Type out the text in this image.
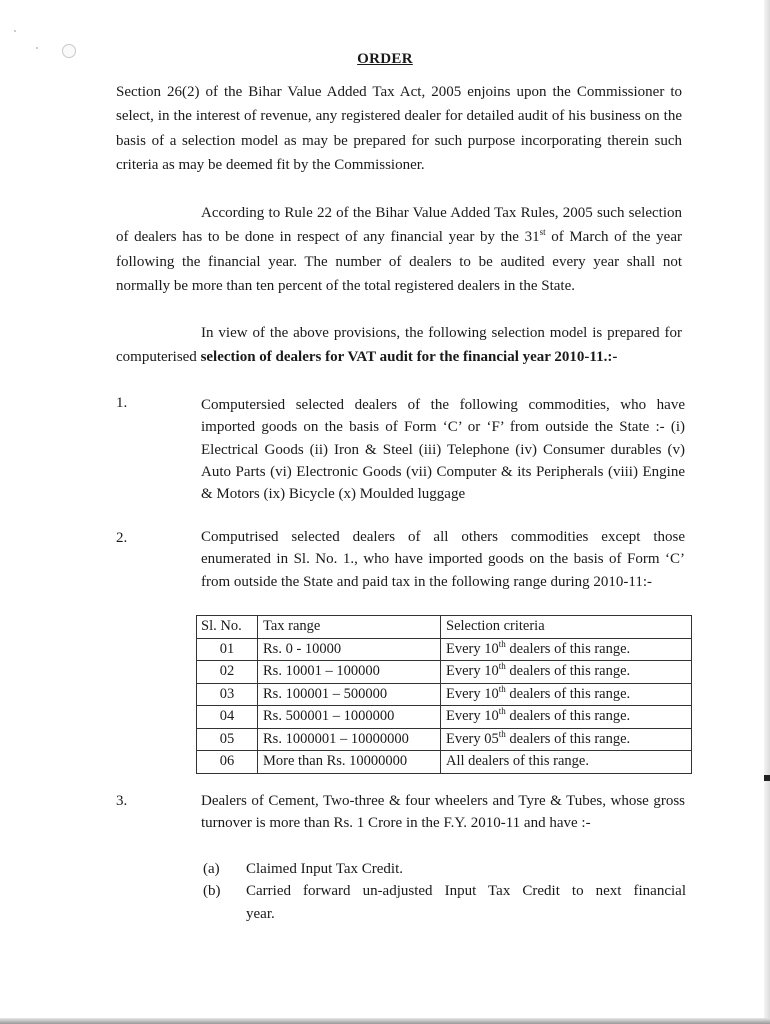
ORDER
Section 26(2) of the Bihar Value Added Tax Act, 2005 enjoins upon the Commissioner to select, in the interest of revenue, any registered dealer for detailed audit of his business on the basis of a selection model as may be prepared for such purpose incorporating therein such criteria as may be deemed fit by the Commissioner.
According to Rule 22 of the Bihar Value Added Tax Rules, 2005 such selection of dealers has to be done in respect of any financial year by the 31st of March of the year following the financial year. The number of dealers to be audited every year shall not normally be more than ten percent of the total registered dealers in the State.
In view of the above provisions, the following selection model is prepared for computerised selection of dealers for VAT audit for the financial year 2010-11.:-
1.	Computersied selected dealers of the following commodities, who have imported goods on the basis of Form ‘C’ or ‘F’ from outside the State :- (i) Electrical Goods (ii) Iron & Steel (iii) Telephone (iv) Consumer durables (v) Auto Parts (vi) Electronic Goods (vii) Computer & its Peripherals (viii) Engine & Motors (ix) Bicycle (x) Moulded luggage
2.	Computrised selected dealers of all others commodities except those enumerated in Sl. No. 1., who have imported goods on the basis of Form ‘C’ from outside the State and paid tax in the following range during 2010-11:-
Sl. No.	Tax range	Selection criteria
01	Rs. 0 - 10000	Every 10th dealers of this range.
02	Rs. 10001 – 100000	Every 10th dealers of this range.
03	Rs. 100001 – 500000	Every 10th dealers of this range.
04	Rs. 500001 – 1000000	Every 10th dealers of this range.
05	Rs. 1000001 – 10000000	Every 05th dealers of this range.
06	More than Rs. 10000000	All dealers of this range.
3.	Dealers of Cement, Two-three & four wheelers and Tyre & Tubes, whose gross turnover is more than Rs. 1 Crore in the F.Y. 2010-11 and have :-
(a) Claimed Input Tax Credit.
(b) Carried forward un-adjusted Input Tax Credit to next financial
year.
